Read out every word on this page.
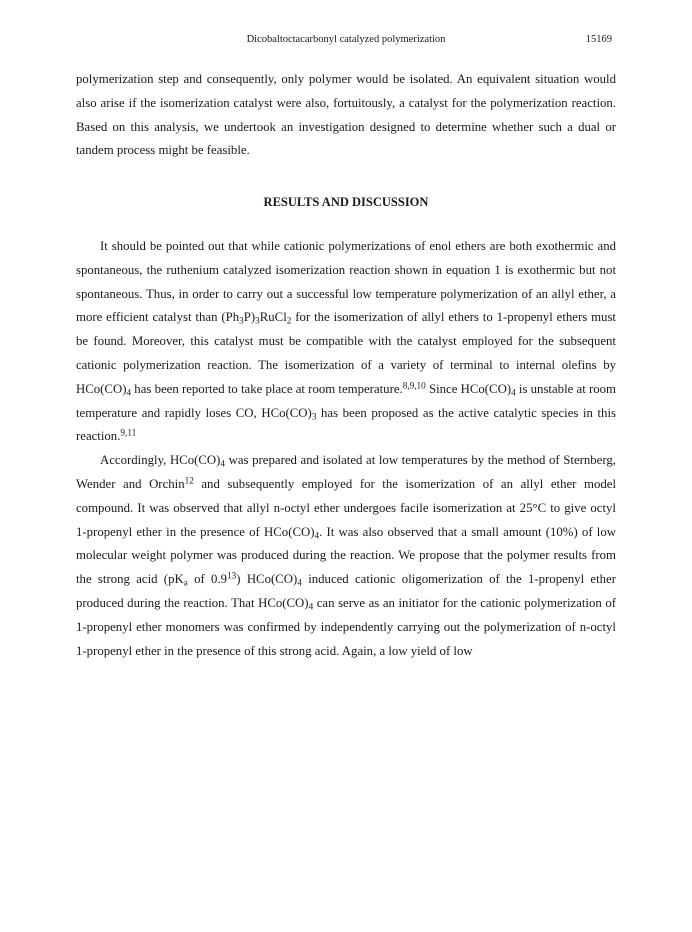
Dicobaltoctacarbonyl catalyzed polymerization	15169

polymerization step and consequently, only polymer would be isolated. An equivalent situation would also arise if the isomerization catalyst were also, fortuitously, a catalyst for the polymerization reaction. Based on this analysis, we undertook an investigation designed to determine whether such a dual or tandem process might be feasible.

RESULTS AND DISCUSSION

It should be pointed out that while cationic polymerizations of enol ethers are both exothermic and spontaneous, the ruthenium catalyzed isomerization reaction shown in equation 1 is exothermic but not spontaneous. Thus, in order to carry out a successful low temperature polymerization of an allyl ether, a more efficient catalyst than $(Ph_3P)_3RuCl_2$ for the isomerization of allyl ethers to 1-propenyl ethers must be found. Moreover, this catalyst must be compatible with the catalyst employed for the subsequent cationic polymerization reaction. The isomerization of a variety of terminal to internal olefins by $HCo(CO)_4$ has been reported to take place at room temperature.$^{8,9,10}$ Since $HCo(CO)_4$ is unstable at room temperature and rapidly loses CO, $HCo(CO)_3$ has been proposed as the active catalytic species in this reaction.$^{9,11}$

Accordingly, $HCo(CO)_4$ was prepared and isolated at low temperatures by the method of Sternberg, Wender and Orchin$^{12}$ and subsequently employed for the isomerization of an allyl ether model compound. It was observed that allyl n-octyl ether undergoes facile isomerization at 25°C to give octyl 1-propenyl ether in the presence of $HCo(CO)_4$. It was also observed that a small amount (10%) of low molecular weight polymer was produced during the reaction. We propose that the polymer results from the strong acid ($pK_a$ of $0.9^{13}$) $HCo(CO)_4$ induced cationic oligomerization of the 1-propenyl ether produced during the reaction. That $HCo(CO)_4$ can serve as an initiator for the cationic polymerization of 1-propenyl ether monomers was confirmed by independently carrying out the polymerization of n-octyl 1-propenyl ether in the presence of this strong acid. Again, a low yield of low
